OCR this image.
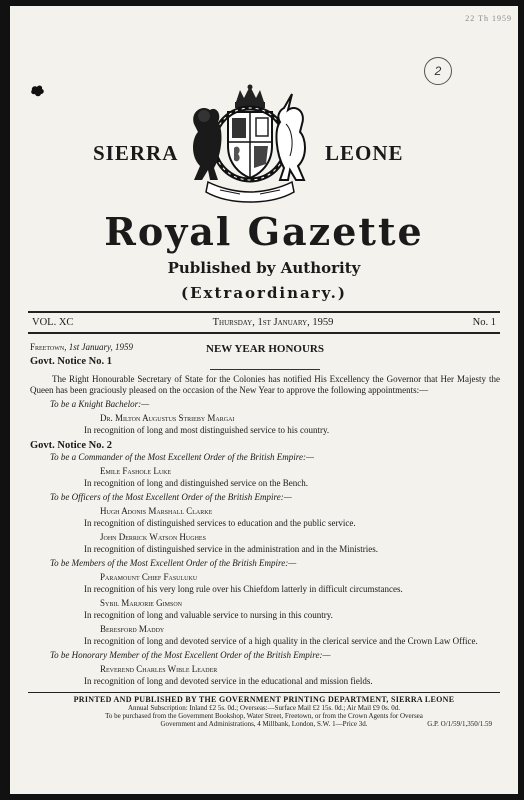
22 Th 1959
2
SIERRA	LEONE
Royal Gazette
Published by Authority
(Extraordinary.)
VOL. XC	Thursday, 1st January, 1959	No. 1
Freetown, 1st January, 1959	NEW YEAR HONOURS
Govt. Notice No. 1
The Right Honourable Secretary of State for the Colonies has notified His Excellency the Governor that Her Majesty the Queen has been graciously pleased on the occasion of the New Year to approve the following appointments:—
To be a Knight Bachelor:—
Dr. Milton Augustus Strieby Margai
In recognition of long and most distinguished service to his country.
Govt. Notice No. 2
To be a Commander of the Most Excellent Order of the British Empire:—
Emile Fashole Luke
In recognition of long and distinguished service on the Bench.
To be Officers of the Most Excellent Order of the British Empire:—
Hugh Adonis Marshall Clarke
In recognition of distinguished services to education and the public service.
John Derrick Watson Hughes
In recognition of distinguished service in the administration and in the Ministries.
To be Members of the Most Excellent Order of the British Empire:—
Paramount Chief Fasuluku
In recognition of his very long rule over his Chiefdom latterly in difficult circumstances.
Sybil Marjorie Gimson
In recognition of long and valuable service to nursing in this country.
Beresford Maddy
In recognition of long and devoted service of a high quality in the clerical service and the Crown Law Office.
To be Honorary Member of the Most Excellent Order of the British Empire:—
Reverend Charles Wible Leader
In recognition of long and devoted service in the educational and mission fields.
PRINTED AND PUBLISHED BY THE GOVERNMENT PRINTING DEPARTMENT, SIERRA LEONE
Annual Subscription: Inland £2 5s. 0d.; Overseas:—Surface Mail £2 15s. 0d.; Air Mail £9 0s. 0d.
To be purchased from the Government Bookshop, Water Street, Freetown, or from the Crown Agents for Oversea
Government and Administrations, 4 Millbank, London, S.W. 1—Price 3d.	G.P. O/1/59/1,350/1.59
